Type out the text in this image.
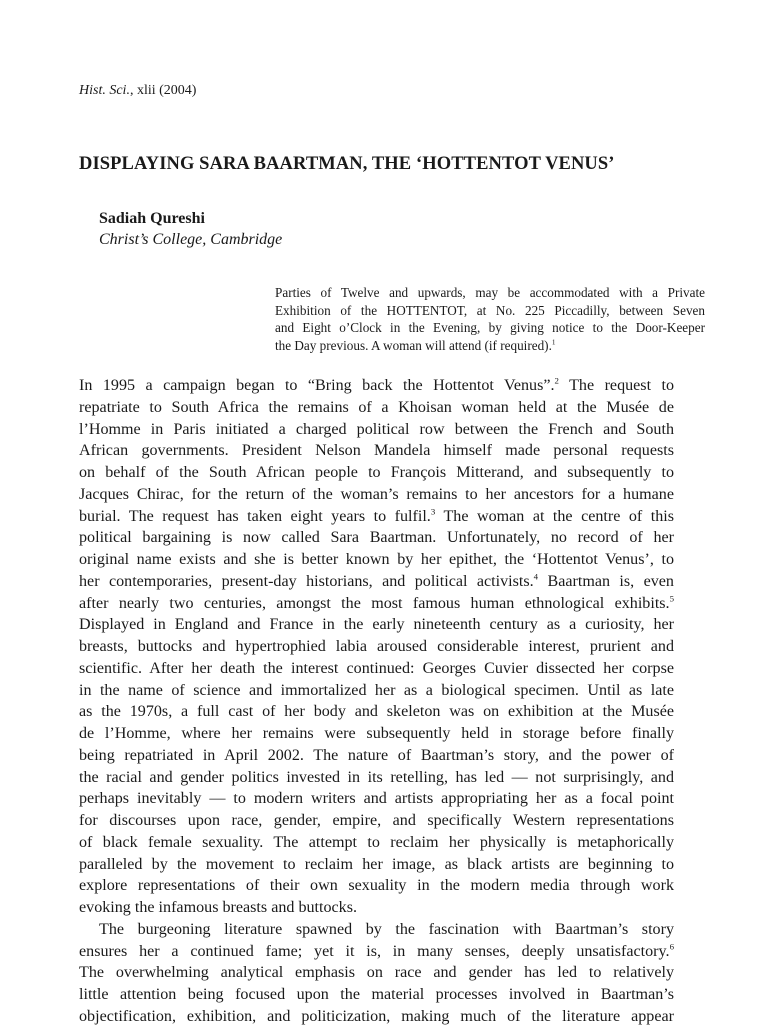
Hist. Sci., xlii (2004)
DISPLAYING SARA BAARTMAN, THE ‘HOTTENTOT VENUS’
Sadiah Qureshi
Christ’s College, Cambridge
Parties of Twelve and upwards, may be accommodated with a Private
Exhibition of the HOTTENTOT, at No. 225 Piccadilly, between Seven
and Eight o’Clock in the Evening, by giving notice to the Door-Keeper
the Day previous. A woman will attend (if required).$^1$
In 1995 a campaign began to “Bring back the Hottentot Venus”.$^2$ The request to
repatriate to South Africa the remains of a Khoisan woman held at the Musée de
l’Homme in Paris initiated a charged political row between the French and South
African governments. President Nelson Mandela himself made personal requests
on behalf of the South African people to François Mitterand, and subsequently to
Jacques Chirac, for the return of the woman’s remains to her ancestors for a humane
burial. The request has taken eight years to fulfil.$^3$ The woman at the centre of this
political bargaining is now called Sara Baartman. Unfortunately, no record of her
original name exists and she is better known by her epithet, the ‘Hottentot Venus’, to
her contemporaries, present-day historians, and political activists.$^4$ Baartman is, even
after nearly two centuries, amongst the most famous human ethnological exhibits.$^5$
Displayed in England and France in the early nineteenth century as a curiosity, her
breasts, buttocks and hypertrophied labia aroused considerable interest, prurient and
scientific. After her death the interest continued: Georges Cuvier dissected her corpse
in the name of science and immortalized her as a biological specimen. Until as late
as the 1970s, a full cast of her body and skeleton was on exhibition at the Musée
de l’Homme, where her remains were subsequently held in storage before finally
being repatriated in April 2002. The nature of Baartman’s story, and the power of
the racial and gender politics invested in its retelling, has led — not surprisingly, and
perhaps inevitably — to modern writers and artists appropriating her as a focal point
for discourses upon race, gender, empire, and specifically Western representations
of black female sexuality. The attempt to reclaim her physically is metaphorically
paralleled by the movement to reclaim her image, as black artists are beginning to
explore representations of their own sexuality in the modern media through work
evoking the infamous breasts and buttocks.
The burgeoning literature spawned by the fascination with Baartman’s story
ensures her a continued fame; yet it is, in many senses, deeply unsatisfactory.$^6$
The overwhelming analytical emphasis on race and gender has led to relatively
little attention being focused upon the material processes involved in Baartman’s
objectification, exhibition, and politicization, making much of the literature appear
